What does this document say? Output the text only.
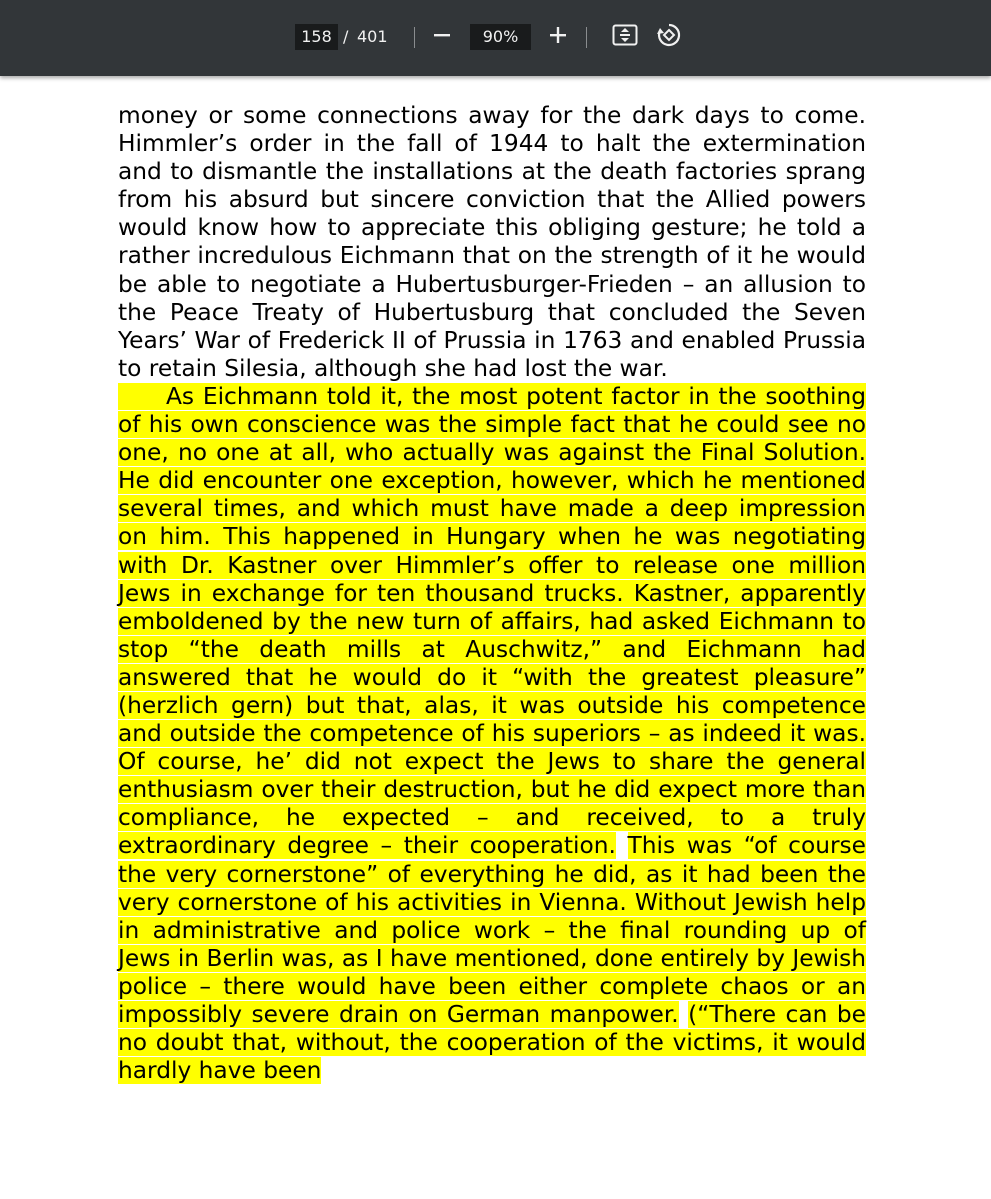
158
/ 401	90%

money or some connections away for the dark days to come. Himmler’s order in the fall of 1944 to halt the extermination and to dismantle the installations at the death factories sprang from his absurd but sincere conviction that the Allied powers would know how to appreciate this obliging gesture; he told a rather incredulous Eichmann that on the strength of it he would be able to negotiate a Hubertusburger-Frieden – an allusion to the Peace Treaty of Hubertusburg that concluded the Seven Years’ War of Frederick II of Prussia in 1763 and enabled Prussia to retain Silesia, although she had lost the war.

As Eichmann told it, the most potent factor in the soothing of his own conscience was the simple fact that he could see no one, no one at all, who actually was against the Final Solution. He did encounter one exception, however, which he mentioned several times, and which must have made a deep impression on him. This happened in Hungary when he was negotiating with Dr. Kastner over Himmler’s offer to release one million Jews in exchange for ten thousand trucks. Kastner, apparently emboldened by the new turn of affairs, had asked Eichmann to stop “the death mills at Auschwitz,” and Eichmann had answered that he would do it “with the greatest pleasure” (herzlich gern) but that, alas, it was outside his competence and outside the competence of his superiors – as indeed it was. Of course, he’ did not expect the Jews to share the general enthusiasm over their destruction, but he did expect more than compliance, he expected – and received, to a truly extraordinary degree – their cooperation. This was “of course the very cornerstone” of everything he did, as it had been the very cornerstone of his activities in Vienna. Without Jewish help in administrative and police work – the final rounding up of Jews in Berlin was, as I have mentioned, done entirely by Jewish police – there would have been either complete chaos or an impossibly severe drain on German manpower. (“There can be no doubt that, without, the cooperation of the victims, it would hardly have been
